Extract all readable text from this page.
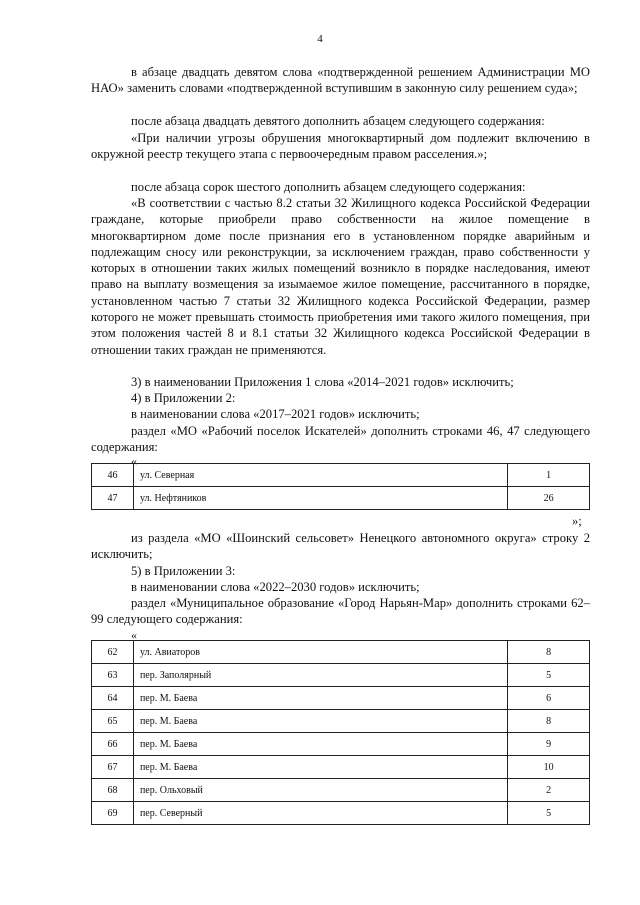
4

в абзаце двадцать девятом слова «подтвержденной решением Администрации МО НАО» заменить словами «подтвержденной вступившим в законную силу решением суда»;

после абзаца двадцать девятого дополнить абзацем следующего содержания:

«При наличии угрозы обрушения многоквартирный дом подлежит включению в окружной реестр текущего этапа с первоочередным правом расселения.»;

после абзаца сорок шестого дополнить абзацем следующего содержания:

«В соответствии с частью 8.2 статьи 32 Жилищного кодекса Российской Федерации граждане, которые приобрели право собственности на жилое помещение в многоквартирном доме после признания его в установленном порядке аварийным и подлежащим сносу или реконструкции, за исключением граждан, право собственности у которых в отношении таких жилых помещений возникло в порядке наследования, имеют право на выплату возмещения за изымаемое жилое помещение, рассчитанного в порядке, установленном частью 7 статьи 32 Жилищного кодекса Российской Федерации, размер которого не может превышать стоимость приобретения ими такого жилого помещения, при этом положения частей 8 и 8.1 статьи 32 Жилищного кодекса Российской Федерации в отношении таких граждан не применяются.

3) в наименовании Приложения 1 слова «2014–2021 годов» исключить;

4) в Приложении 2:

в наименовании слова «2017–2021 годов» исключить;

раздел «МО «Рабочий поселок Искателей» дополнить строками 46, 47 следующего содержания:

«
46	ул. Северная	1
47	ул. Нефтяников	26
»;

из раздела «МО «Шоинский сельсовет» Ненецкого автономного округа» строку 2 исключить;

5) в Приложении 3:

в наименовании слова «2022–2030 годов» исключить;

раздел «Муниципальное образование «Город Нарьян-Мар» дополнить строками 62–99 следующего содержания:

«
62	ул. Авиаторов	8
63	пер. Заполярный	5
64	пер. М. Баева	6
65	пер. М. Баева	8
66	пер. М. Баева	9
67	пер. М. Баева	10
68	пер. Ольховый	2
69	пер. Северный	5
